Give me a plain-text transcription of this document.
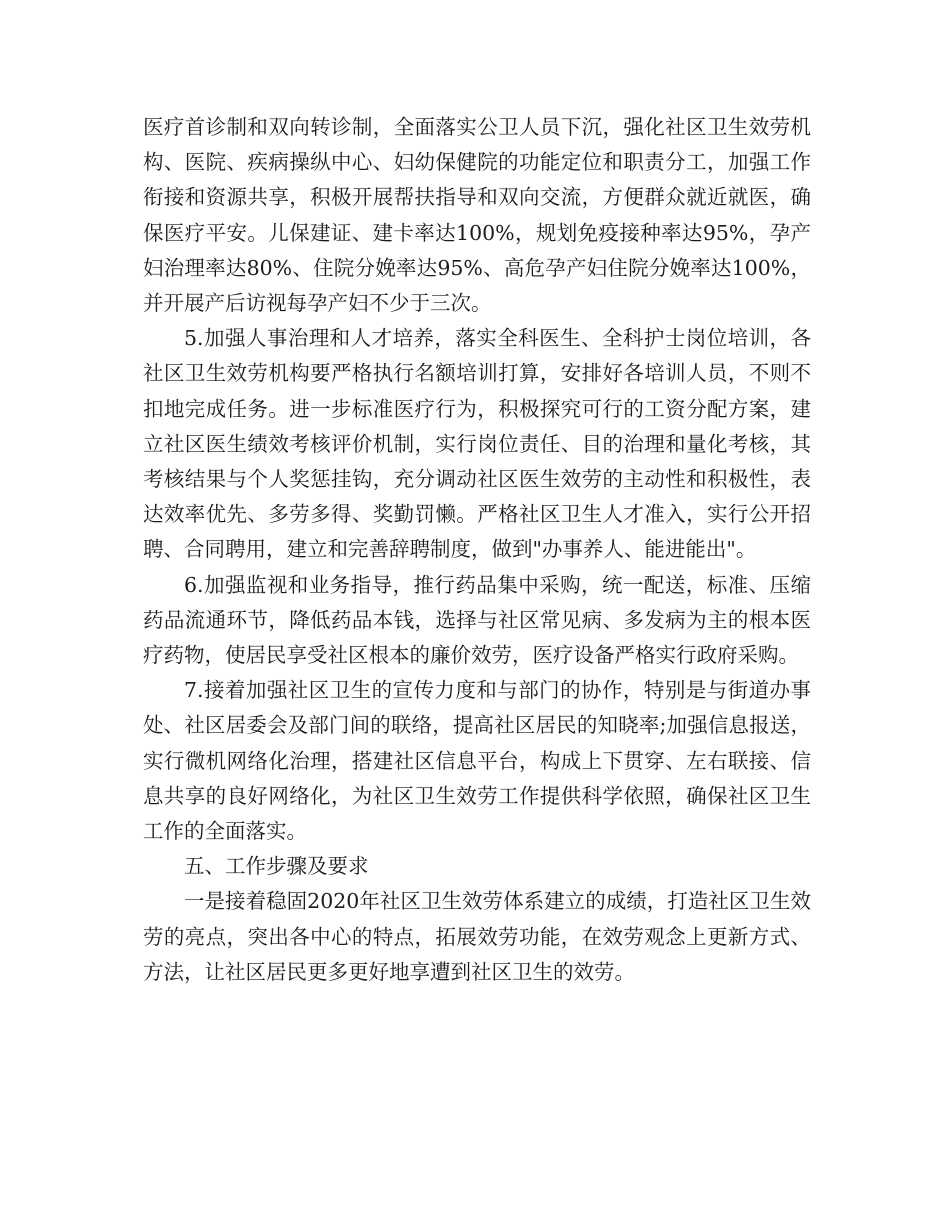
医疗首诊制和双向转诊制，全面落实公卫人员下沉，强化社区卫生效劳机构、医院、疾病操纵中心、妇幼保健院的功能定位和职责分工，加强工作衔接和资源共享，积极开展帮扶指导和双向交流，方便群众就近就医，确保医疗平安。儿保建证、建卡率达100%，规划免疫接种率达95%，孕产妇治理率达80%、住院分娩率达95%、高危孕产妇住院分娩率达100%，并开展产后访视每孕产妇不少于三次。

5.加强人事治理和人才培养，落实全科医生、全科护士岗位培训，各社区卫生效劳机构要严格执行名额培训打算，安排好各培训人员，不则不扣地完成任务。进一步标准医疗行为，积极探究可行的工资分配方案，建立社区医生绩效考核评价机制，实行岗位责任、目的治理和量化考核，其考核结果与个人奖惩挂钩，充分调动社区医生效劳的主动性和积极性，表达效率优先、多劳多得、奖勤罚懒。严格社区卫生人才准入，实行公开招聘、合同聘用，建立和完善辞聘制度，做到"办事养人、能进能出"。

6.加强监视和业务指导，推行药品集中采购，统一配送，标准、压缩药品流通环节，降低药品本钱，选择与社区常见病、多发病为主的根本医疗药物，使居民享受社区根本的廉价效劳，医疗设备严格实行政府采购。

7.接着加强社区卫生的宣传力度和与部门的协作，特别是与街道办事处、社区居委会及部门间的联络，提高社区居民的知晓率;加强信息报送，实行微机网络化治理，搭建社区信息平台，构成上下贯穿、左右联接、信息共享的良好网络化，为社区卫生效劳工作提供科学依照，确保社区卫生工作的全面落实。

五、工作步骤及要求

一是接着稳固2020年社区卫生效劳体系建立的成绩，打造社区卫生效劳的亮点，突出各中心的特点，拓展效劳功能，在效劳观念上更新方式、方法，让社区居民更多更好地享遭到社区卫生的效劳。
